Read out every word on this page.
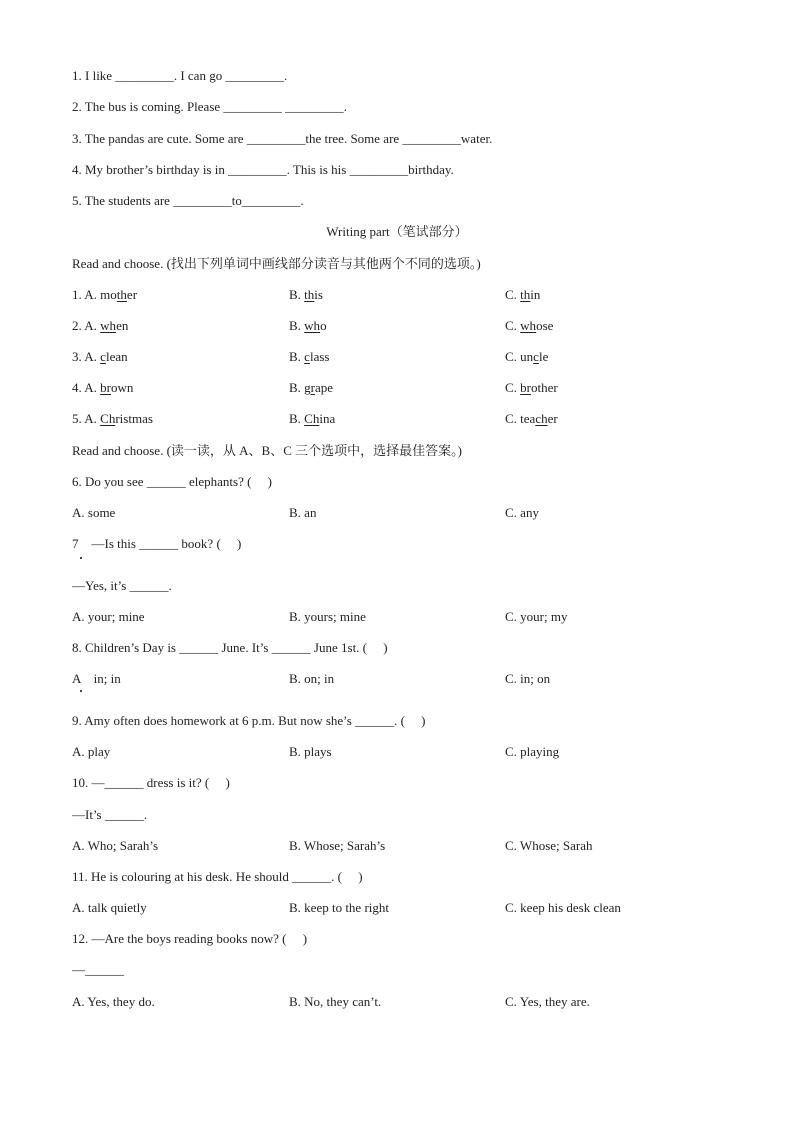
1. I like _________. I can go _________.
2. The bus is coming. Please _________ _________.
3. The pandas are cute. Some are _________the tree. Some are _________water.
4. My brother’s birthday is in _________. This is his _________birthday.
5. The students are _________to_________.
Writing part（笔试部分）
Read and choose. (找出下列单词中画线部分读音与其他两个不同的选项。)
1. A. mother	B. this	C. thin
2. A. when	B. who	C. whose
3. A. clean	B. class	C. uncle
4. A. brown	B. grape	C. brother
5. A. Christmas	B. China	C. teacher
Read and choose. (读一读，从 A、B、C 三个选项中，选择最佳答案。)
6. Do you see ______ elephants? (　 )
A. some	B. an	C. any
7　—Is this ______ book? (　 )
—Yes, it’s ______.
A. your; mine	B. yours; mine	C. your; my
8. Children’s Day is ______ June. It’s ______ June 1st. (　 )
A　in; in	B. on; in	C. in; on
9. Amy often does homework at 6 p.m. But now she’s ______. (　 )
A. play	B. plays	C. playing
10. —______ dress is it? (　 )
—It’s ______.
A. Who; Sarah’s	B. Whose; Sarah’s	C. Whose; Sarah
11. He is colouring at his desk. He should ______. (　 )
A. talk quietly	B. keep to the right	C. keep his desk clean
12. —Are the boys reading books now? (　 )
—______
A. Yes, they do.	B. No, they can’t.	C. Yes, they are.
